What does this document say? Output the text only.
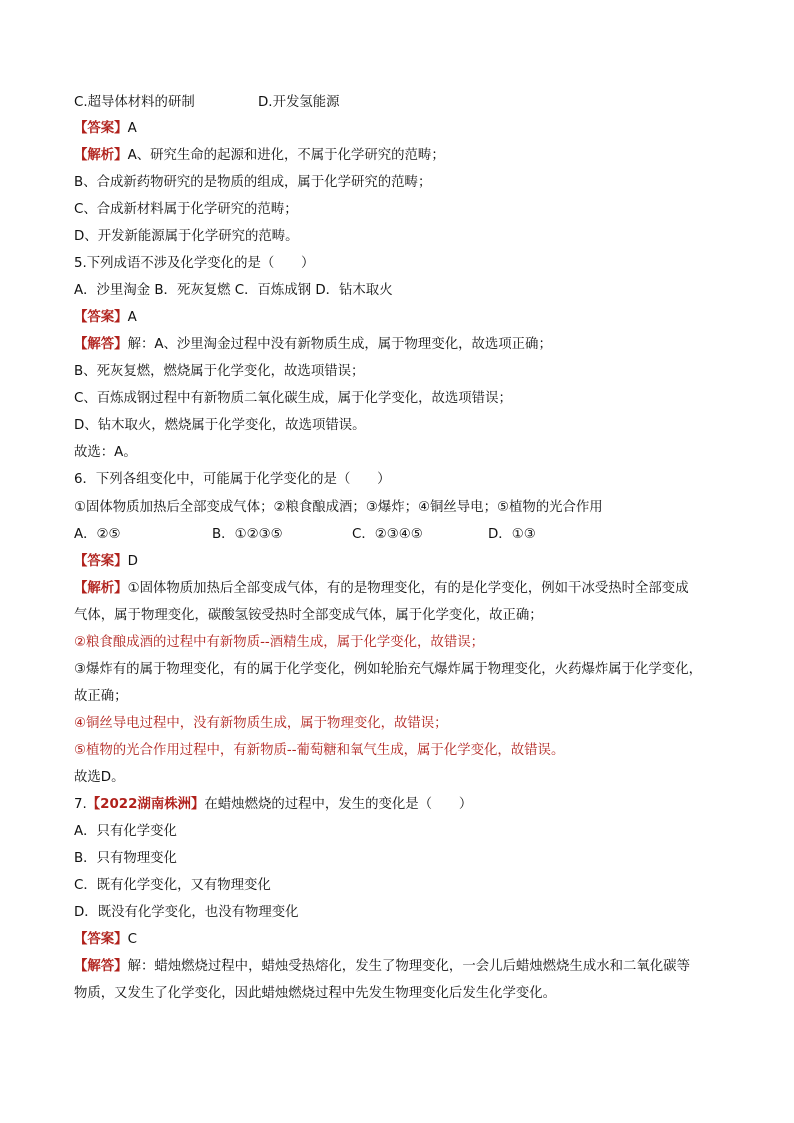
C.超导体材料的研制	D.开发氢能源
【答案】A
【解析】A、研究生命的起源和进化，不属于化学研究的范畴；
B、合成新药物研究的是物质的组成，属于化学研究的范畴；
C、合成新材料属于化学研究的范畴；
D、开发新能源属于化学研究的范畴。
5.下列成语不涉及化学变化的是（　　）
A．沙里淘金 B．死灰复燃 C．百炼成钢 D．钻木取火
【答案】A
【解答】解：A、沙里淘金过程中没有新物质生成，属于物理变化，故选项正确；
B、死灰复燃，燃烧属于化学变化，故选项错误；
C、百炼成钢过程中有新物质二氧化碳生成，属于化学变化，故选项错误；
D、钻木取火，燃烧属于化学变化，故选项错误。
故选：A。
6．下列各组变化中，可能属于化学变化的是（　　）
①固体物质加热后全部变成气体；②粮食酿成酒；③爆炸；④铜丝导电；⑤植物的光合作用
A．②⑤	B．①②③⑤	C．②③④⑤	D．①③
【答案】D
【解析】①固体物质加热后全部变成气体，有的是物理变化，有的是化学变化，例如干冰受热时全部变成
气体，属于物理变化，碳酸氢铵受热时全部变成气体，属于化学变化，故正确；
②粮食酿成酒的过程中有新物质--酒精生成，属于化学变化，故错误；
③爆炸有的属于物理变化，有的属于化学变化，例如轮胎充气爆炸属于物理变化，火药爆炸属于化学变化，
故正确；
④铜丝导电过程中，没有新物质生成，属于物理变化，故错误；
⑤植物的光合作用过程中，有新物质--葡萄糖和氧气生成，属于化学变化，故错误。
故选D。
7.【2022湖南株洲】在蜡烛燃烧的过程中，发生的变化是（　　）
A．只有化学变化
B．只有物理变化
C．既有化学变化，又有物理变化
D．既没有化学变化，也没有物理变化
【答案】C
【解答】解：蜡烛燃烧过程中，蜡烛受热熔化，发生了物理变化，一会儿后蜡烛燃烧生成水和二氧化碳等
物质，又发生了化学变化，因此蜡烛燃烧过程中先发生物理变化后发生化学变化。
